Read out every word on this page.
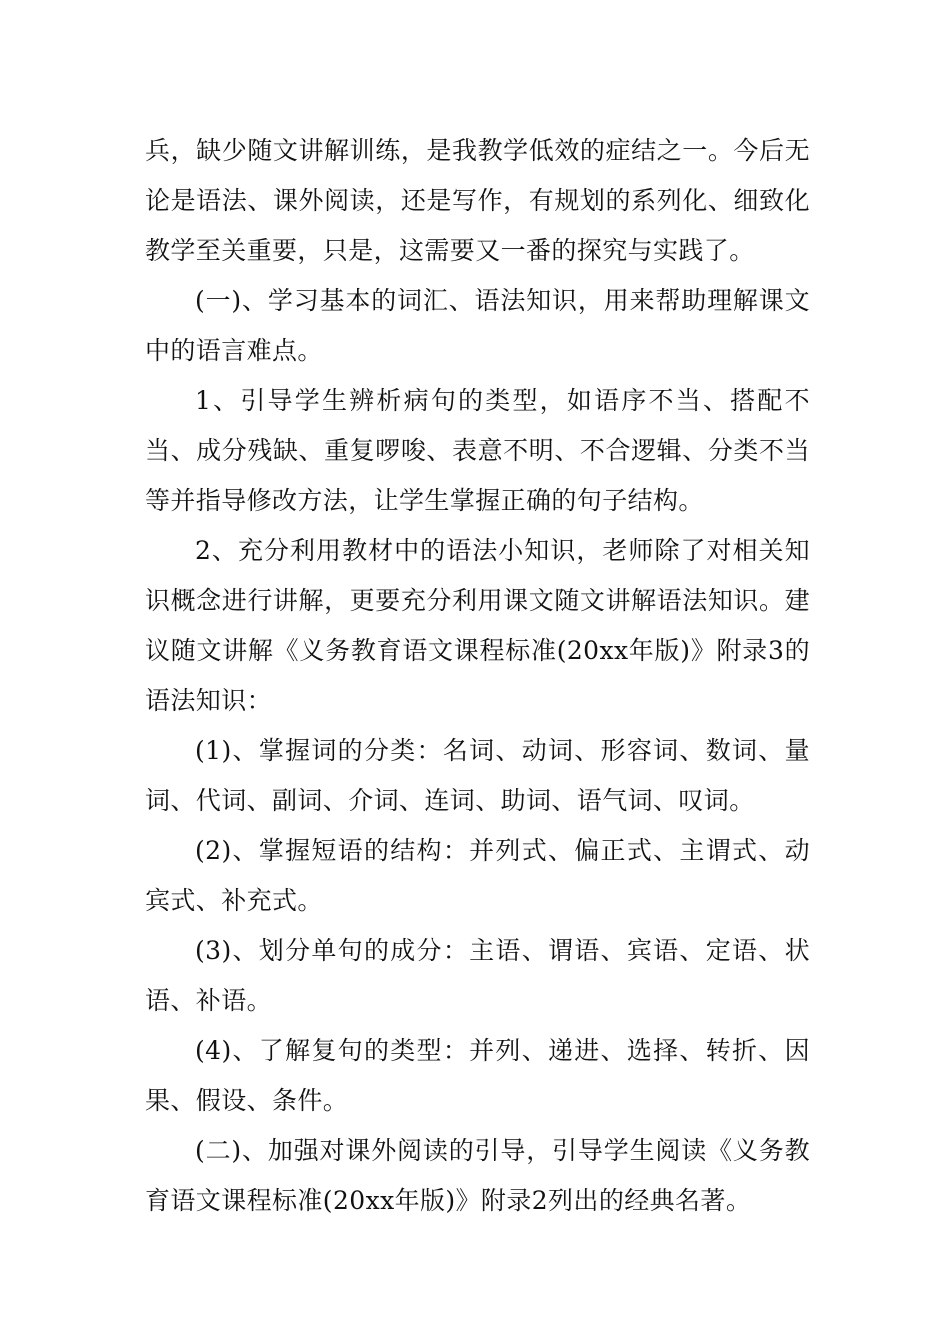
兵，缺少随文讲解训练，是我教学低效的症结之一。今后无论是语法、课外阅读，还是写作，有规划的系列化、细致化教学至关重要，只是，这需要又一番的探究与实践了。

(一)、学习基本的词汇、语法知识，用来帮助理解课文中的语言难点。

1、引导学生辨析病句的类型，如语序不当、搭配不当、成分残缺、重复啰唆、表意不明、不合逻辑、分类不当等并指导修改方法，让学生掌握正确的句子结构。

2、充分利用教材中的语法小知识，老师除了对相关知识概念进行讲解，更要充分利用课文随文讲解语法知识。建议随文讲解《义务教育语文课程标准(20xx年版)》附录3的语法知识：

(1)、掌握词的分类：名词、动词、形容词、数词、量词、代词、副词、介词、连词、助词、语气词、叹词。

(2)、掌握短语的结构：并列式、偏正式、主谓式、动宾式、补充式。

(3)、划分单句的成分：主语、谓语、宾语、定语、状语、补语。

(4)、了解复句的类型：并列、递进、选择、转折、因果、假设、条件。

(二)、加强对课外阅读的引导，引导学生阅读《义务教育语文课程标准(20xx年版)》附录2列出的经典名著。
